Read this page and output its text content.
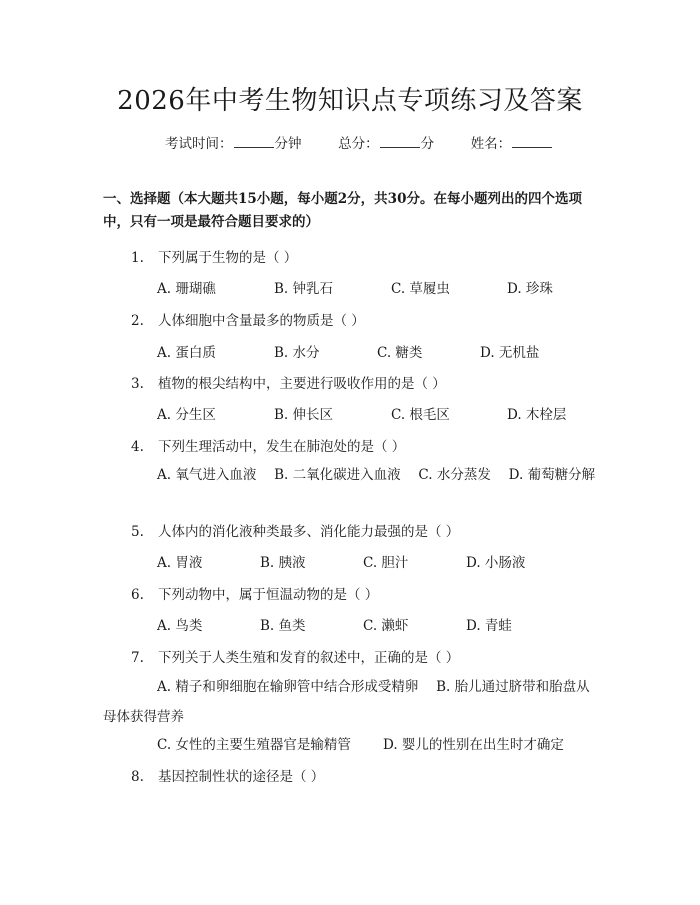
2026年中考生物知识点专项练习及答案
考试时间：	分钟	总分：	分	姓名：
一、选择题（本大题共15小题，每小题2分，共30分。在每小题列出的四个选项中，只有一项是最符合题目要求的）
1. 下列属于生物的是（ ）
A. 珊瑚礁	B. 钟乳石	C. 草履虫	D. 珍珠
2. 人体细胞中含量最多的物质是（ ）
A. 蛋白质	B. 水分	C. 糖类	D. 无机盐
3. 植物的根尖结构中，主要进行吸收作用的是（ ）
A. 分生区	B. 伸长区	C. 根毛区	D. 木栓层
4. 下列生理活动中，发生在肺泡处的是（ ）
A. 氧气进入血液　 B. 二氧化碳进入血液　 C. 水分蒸发　 D. 葡萄糖分解
5. 人体内的消化液种类最多、消化能力最强的是（ ）
A. 胃液	B. 胰液	C. 胆汁	D. 小肠液
6. 下列动物中，属于恒温动物的是（ ）
A. 鸟类	B. 鱼类	C. 濑虾	D. 青蛙
7. 下列关于人类生殖和发育的叙述中，正确的是（ ）
A. 精子和卵细胞在输卵管中结合形成受精卵　 B. 胎儿通过脐带和胎盘从母体获得营养
C. 女性的主要生殖器官是输精管 D. 婴儿的性别在出生时才确定
8. 基因控制性状的途径是（ ）
